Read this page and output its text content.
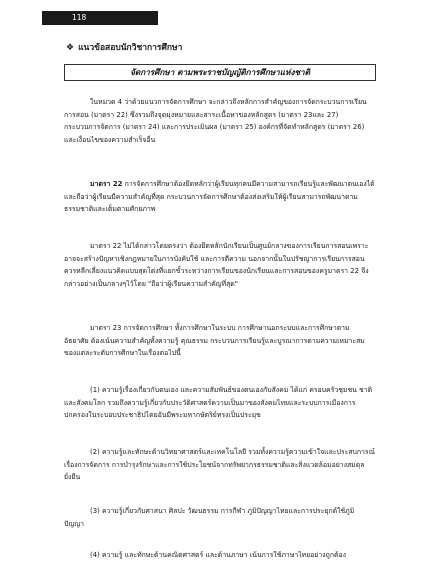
118
❖ แนวข้อสอบนักวิชาการศึกษา
จัดการศึกษา ตามพระราชบัญญัติการศึกษาแห่งชาติ

ในหมวด 4 ว่าด้วยแนวการจัดการศึกษา จะกล่าวถึงหลักการสำคัญของการจัดกระบวนการเรียน
การสอน (มาตรา 22) ซึ่งรวมถึงจุดมุ่งหมายและสาระเนื้อหาของหลักสูตร (มาตรา 23และ 27)
กระบวนการจัดการ (มาตรา 24) และการประเมินผล (มาตรา 25) องค์กรที่จัดทำหลักสูตร (มาตรา 26)
และเงื่อนไขของความสำเร็จอื่น

มาตรา 22 การจัดการศึกษาต้องยึดหลักว่าผู้เรียนทุกคนมีความสามารถเรียนรู้และพัฒนาตนเองได้
และถือว่าผู้เรียนมีความสำคัญที่สุด กระบวนการจัดการศึกษาต้องส่งเสริมให้ผู้เรียนสามารถพัฒนาตาม
ธรรมชาติและเต็มตามศักยภาพ

มาตรา 22 ไม่ได้กล่าวโดยตรงว่า ต้องยึดหลักนักเรียนเป็นศูนย์กลางของการเรียนการสอนเพราะ
อาจจะสร้างปัญหาเชิงกฎหมายในการบังคับใช้ และการตีความ นอกจากนั้นในปรัชญาการเรียนการสอน
ควรหลีกเลี่ยงแนวคิดแบบสุดโต่งที่แยกขั้วระหว่างการเรียนของนักเรียนและการสอนของครูมาตรา 22 จึง
กล่าวอย่างเป็นกลางๆไว้โดย "ถือว่าผู้เรียนความสำคัญที่สุด"

มาตรา 23 การจัดการศึกษา ทั้งการศึกษาในระบบ การศึกษานอกระบบและการศึกษาตาม
อัธยาศัย ต้องเน้นความสำคัญทั้งความรู้ คุณธรรม กระบวนการเรียนรู้และบูรณาการตามความเหมาะสม
ของแต่ละระดับการศึกษาในเรื่องต่อไปนี้

(1) ความรู้เรื่องเกี่ยวกับตนเอง และความสัมพันธ์ของตนเองกับสังคม ได้แก่ ครอบครัวชุมชน ชาติ
และสังคมโลก รวมถึงความรู้เกี่ยวกับประวัติศาสตร์ความเป็นมาของสังคมไทยและระบบการเมืองการ
ปกครองในระบอบประชาธิปไตยอันมีพระมหากษัตริย์ทรงเป็นประมุข

(2) ความรู้และทักษะด้านวิทยาศาสตร์และเทคโนโลยี รวมทั้งความรู้ความเข้าใจและประสบการณ์
เรื่องการจัดการ การบำรุงรักษาและการใช้ประโยชน์จากทรัพยากรธรรมชาติและสิ่งแวดล้อมอย่างสมดุล
ยั่งยืน

(3) ความรู้เกี่ยวกับศาสนา ศิลปะ วัฒนธรรม การกีฬา ภูมิปัญญาไทยและการประยุกต์ใช้ภูมิ
ปัญญา

(4) ความรู้ และทักษะด้านคณิตศาสตร์ และด้านภาษา เน้นการใช้ภาษาไทยอย่างถูกต้อง
